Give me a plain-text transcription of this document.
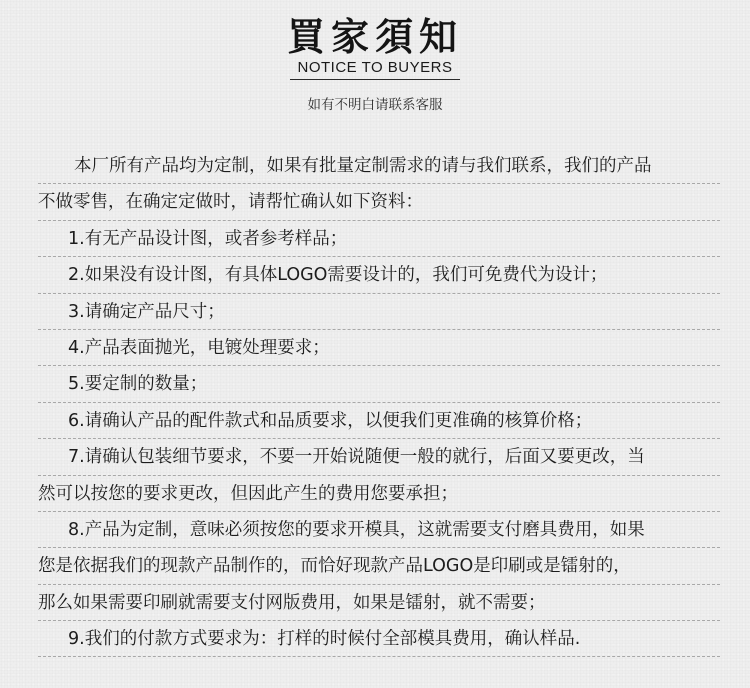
買家須知
NOTICE TO BUYERS
如有不明白请联系客服
本厂所有产品均为定制，如果有批量定制需求的请与我们联系，我们的产品
不做零售，在确定定做时，请帮忙确认如下资料：
1.有无产品设计图，或者参考样品；
2.如果没有设计图，有具体LOGO需要设计的，我们可免费代为设计；
3.请确定产品尺寸；
4.产品表面抛光，电镀处理要求；
5.要定制的数量；
6.请确认产品的配件款式和品质要求，以便我们更准确的核算价格；
7.请确认包装细节要求，不要一开始说随便一般的就行，后面又要更改，当
然可以按您的要求更改，但因此产生的费用您要承担；
8.产品为定制，意味必须按您的要求开模具，这就需要支付磨具费用，如果
您是依据我们的现款产品制作的，而恰好现款产品LOGO是印刷或是镭射的，
那么如果需要印刷就需要支付网版费用，如果是镭射，就不需要；
9.我们的付款方式要求为：打样的时候付全部模具费用，确认样品.
